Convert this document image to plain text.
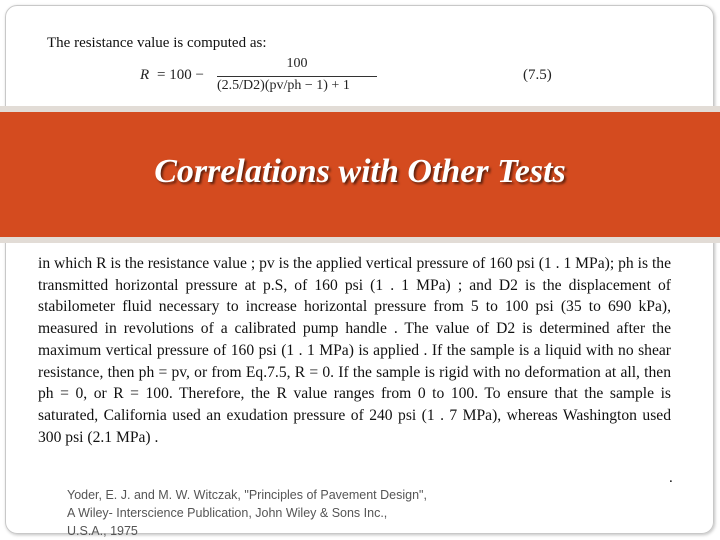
The resistance value is computed as:
R = 100 −
100
(2.5/D2)(pv/ph − 1) + 1
(7.5)
Correlations with Other Tests
in which R is the resistance value ; pv is the applied vertical pressure of 160 psi (1 . 1 MPa); ph is the transmitted horizontal pressure at p.S, of 160 psi (1 . 1 MPa) ; and D2 is the displacement of stabilometer fluid necessary to increase horizontal pressure from 5 to 100 psi (35 to 690 kPa), measured in revolutions of a calibrated pump handle . The value of D2 is determined after the maximum vertical pressure of 160 psi (1 . 1 MPa) is applied . If the sample is a liquid with no shear resistance, then ph = pv, or from Eq.7.5, R = 0. If the sample is rigid with no deformation at all, then ph = 0, or R = 100. Therefore, the R value ranges from 0 to 100. To ensure that the sample is saturated, California used an exudation pressure of 240 psi (1 . 7 MPa), whereas Washington used 300 psi (2.1 MPa) .
.
Yoder, E. J. and M. W. Witczak, "Principles of Pavement Design", A Wiley- Interscience Publication, John Wiley & Sons Inc., U.S.A., 1975
